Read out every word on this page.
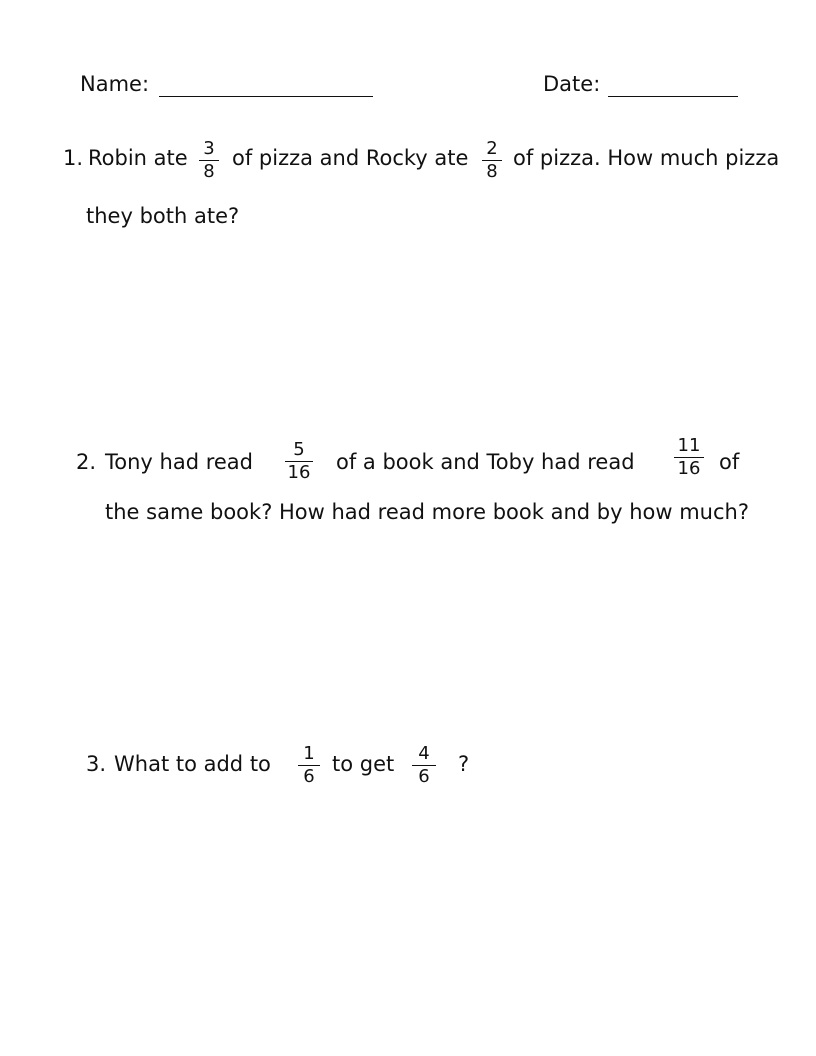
Name:	Date:
1. Robin ate 3
8
of pizza and Rocky ate 2
8
of pizza. How much pizza
they both ate?
2. Tony had read
5
16 of a book and Toby had read
11
16 of
the same book? How had read more book and by how much?
3. What to add to 1
6
to get 4
6
?
